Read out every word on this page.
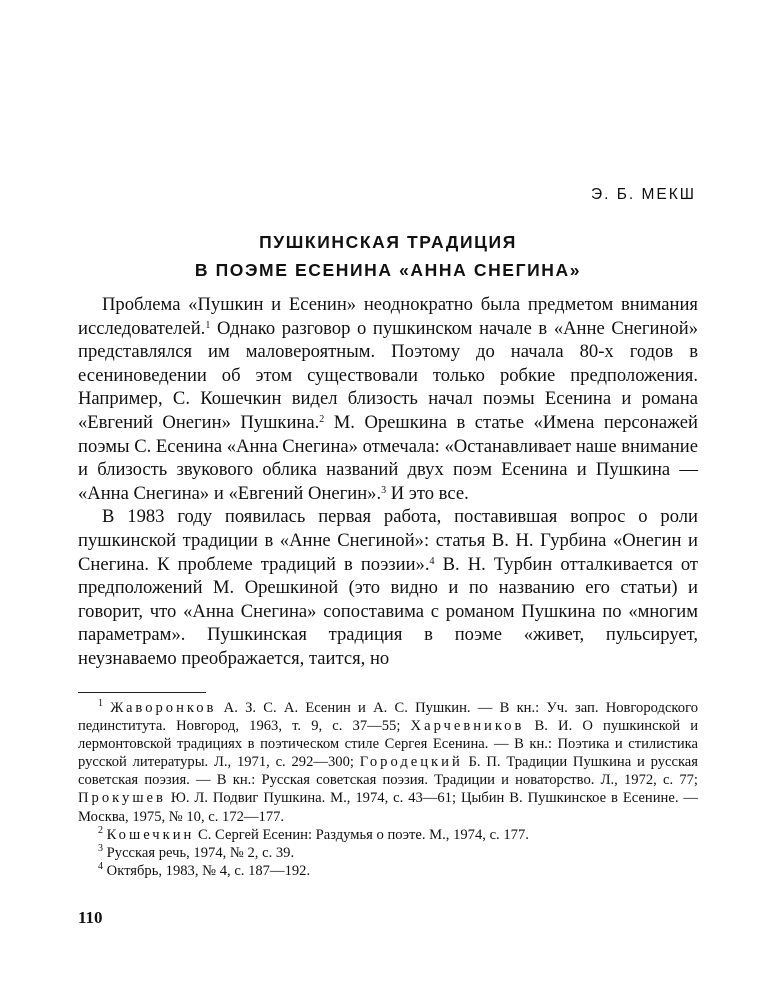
Э. Б. МЕКШ
ПУШКИНСКАЯ ТРАДИЦИЯ
В ПОЭМЕ ЕСЕНИНА «АННА СНЕГИНА»

Проблема «Пушкин и Есенин» неоднократно была предметом внимания исследователей.$^1$ Однако разговор о пушкинском начале в «Анне Снегиной» представлялся им маловероятным. Поэтому до начала 80-х годов в есениноведении об этом существовали только робкие предположения. Например, С. Кошечкин видел близость начал поэмы Есенина и романа «Евгений Онегин» Пушкина.$^2$ М. Орешкина в статье «Имена персонажей поэмы С. Есенина «Анна Снегина» отмечала: «Останавливает наше внимание и близость звукового облика названий двух поэм Есенина и Пушкина — «Анна Снегина» и «Евгений Онегин».$^3$ И это все.

В 1983 году появилась первая работа, поставившая вопрос о роли пушкинской традиции в «Анне Снегиной»: статья В. Н. Гурбина «Онегин и Снегина. К проблеме традиций в поэзии».$^4$ В. Н. Турбин отталкивается от предположений М. Орешкиной (это видно и по названию его статьи) и говорит, что «Анна Снегина» сопоставима с романом Пушкина по «многим параметрам». Пушкинская традиция в поэме «живет, пульсирует, неузнаваемо преображается, таится, но

$^1$ Жаворонков А. З. С. А. Есенин и А. С. Пушкин. — В кн.: Уч. зап. Новгородского пединститута. Новгород, 1963, т. 9, с. 37—55; Харчевников В. И. О пушкинской и лермонтовской традициях в поэтическом стиле Сергея Есенина. — В кн.: Поэтика и стилистика русской литературы. Л., 1971, с. 292—300; Городецкий Б. П. Традиции Пушкина и русская советская поэзия. — В кн.: Русская советская поэзия. Традиции и новаторство. Л., 1972, с. 77; Прокушев Ю. Л. Подвиг Пушкина. М., 1974, с. 43—61; Цыбин В. Пушкинское в Есенине. — Москва, 1975, № 10, с. 172—177.

$^2$ Кошечкин С. Сергей Есенин: Раздумья о поэте. М., 1974, с. 177.

$^3$ Русская речь, 1974, № 2, с. 39.

$^4$ Октябрь, 1983, № 4, с. 187—192.

110
